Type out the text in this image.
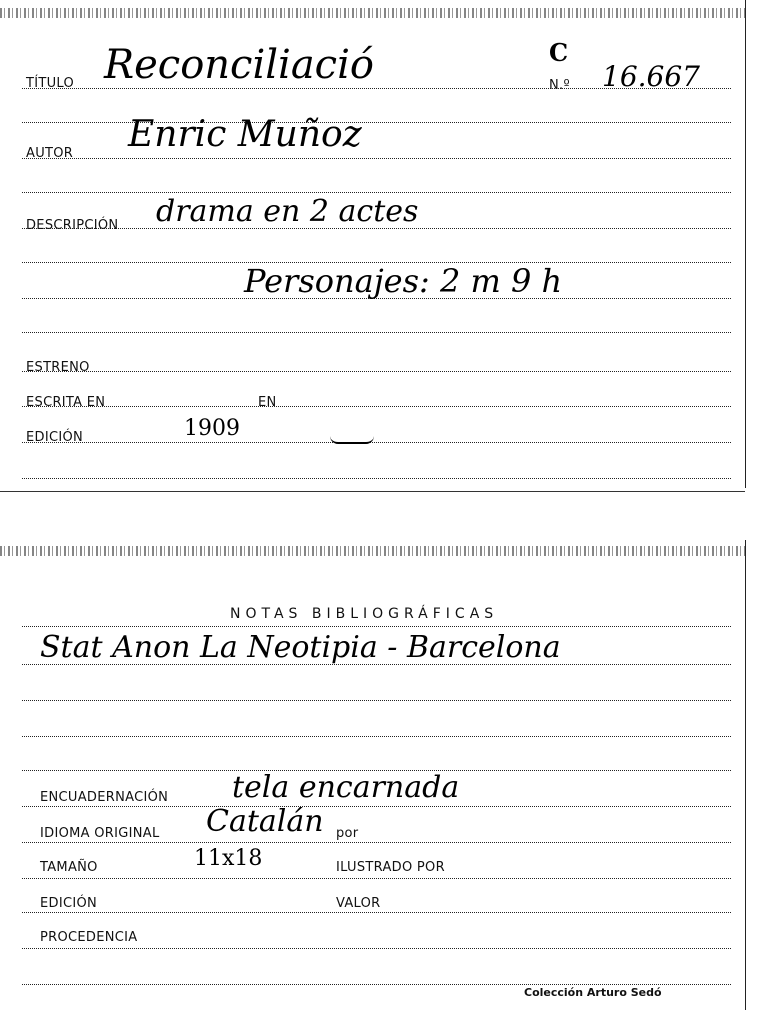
TÍTULO Reconciliació	C
N.º 16.667
AUTOR Enric Muñoz
DESCRIPCIÓN drama en 2 actes
Personajes: 2 m 9 h
ESTRENO
ESCRITA EN	EN
EDICIÓN	1909
NOTAS BIBLIOGRÁFICAS
Stat Anon La Neotipia - Barcelona
ENCUADERNACIÓN tela encarnada
IDIOMA ORIGINAL Catalán por
TAMAÑO	11x18	ILUSTRADO POR
EDICIÓN	VALOR
PROCEDENCIA
Colección Arturo Sedó
